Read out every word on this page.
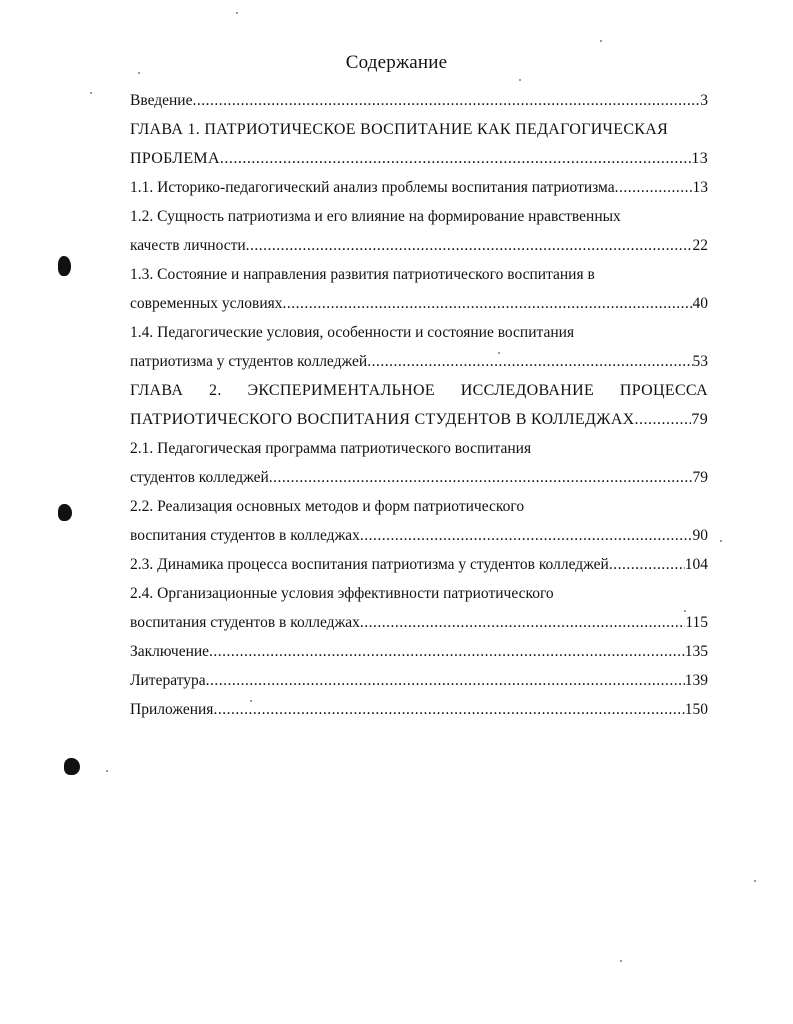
Содержание
Введение .....	3
ГЛАВА 1. ПАТРИОТИЧЕСКОЕ ВОСПИТАНИЕ КАК ПЕДАГОГИЧЕСКАЯ
ПРОБЛЕМА .....	13
1.1. Историко-педагогический анализ проблемы воспитания патриотизма .....	13
1.2. Сущность патриотизма и его влияние на формирование нравственных
качеств личности .....	22
1.3. Состояние и направления развития патриотического воспитания в
современных условиях .....	40
1.4. Педагогические условия, особенности и состояние воспитания
патриотизма у студентов колледжей .....	53
ГЛАВА 2. ЭКСПЕРИМЕНТАЛЬНОЕ ИССЛЕДОВАНИЕ ПРОЦЕССА
ПАТРИОТИЧЕСКОГО ВОСПИТАНИЯ СТУДЕНТОВ В КОЛЛЕДЖАХ .....	79
2.1. Педагогическая программа патриотического воспитания
студентов колледжей .....	79
2.2. Реализация основных методов и форм патриотического
воспитания студентов в колледжах .....	90
2.3. Динамика процесса воспитания патриотизма у студентов колледжей .....	104
2.4. Организационные условия эффективности патриотического
воспитания студентов в колледжах .....	115
Заключение .....	135
Литература .....	139
Приложения .....	150
